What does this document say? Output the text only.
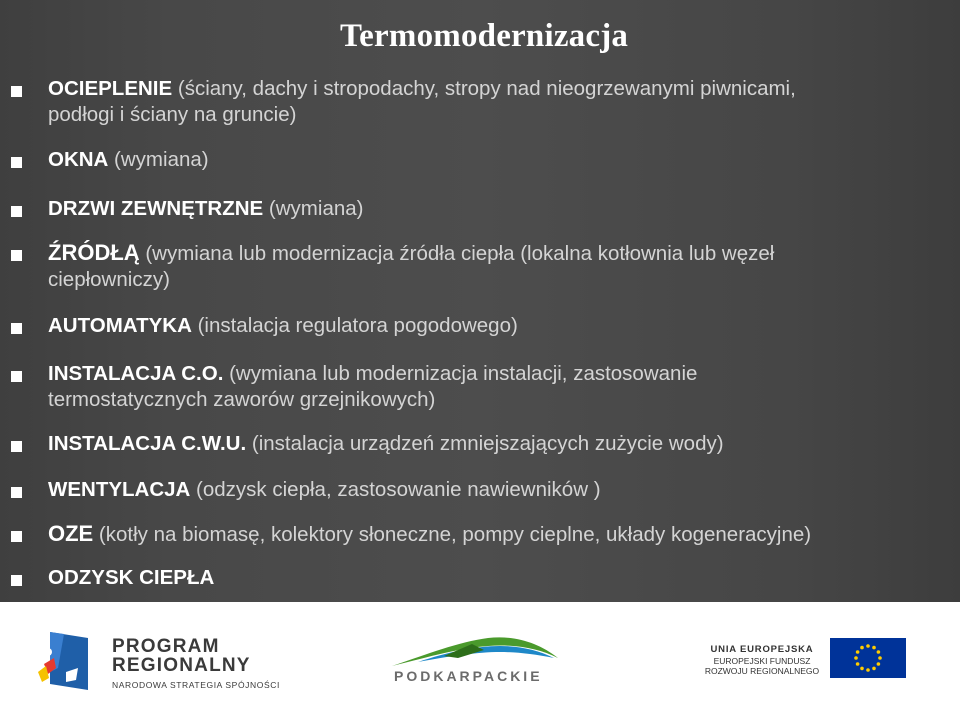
Termomodernizacja

OCIEPLENIE (ściany, dachy i stropodachy, stropy nad nieogrzewanymi piwnicami,
podłogi i ściany na gruncie)

OKNA (wymiana)

DRZWI ZEWNĘTRZNE (wymiana)

ŹRÓDŁĄ (wymiana lub modernizacja źródła ciepła (lokalna kotłownia lub węzeł
ciepłowniczy)

AUTOMATYKA (instalacja regulatora pogodowego)

INSTALACJA C.O. (wymiana lub modernizacja instalacji, zastosowanie
termostatycznych zaworów grzejnikowych)

INSTALACJA C.W.U. (instalacja urządzeń zmniejszających zużycie wody)

WENTYLACJA (odzysk ciepła, zastosowanie nawiewników )

OZE (kotły na biomasę, kolektory słoneczne, pompy cieplne, układy kogeneracyjne)

ODZYSK CIEPŁA

PROGRAM
REGIONALNY
NARODOWA STRATEGIA SPÓJNOŚCI
PODKARPACKIE
UNIA EUROPEJSKA
EUROPEJSKI FUNDUSZ
ROZWOJU REGIONALNEGO
